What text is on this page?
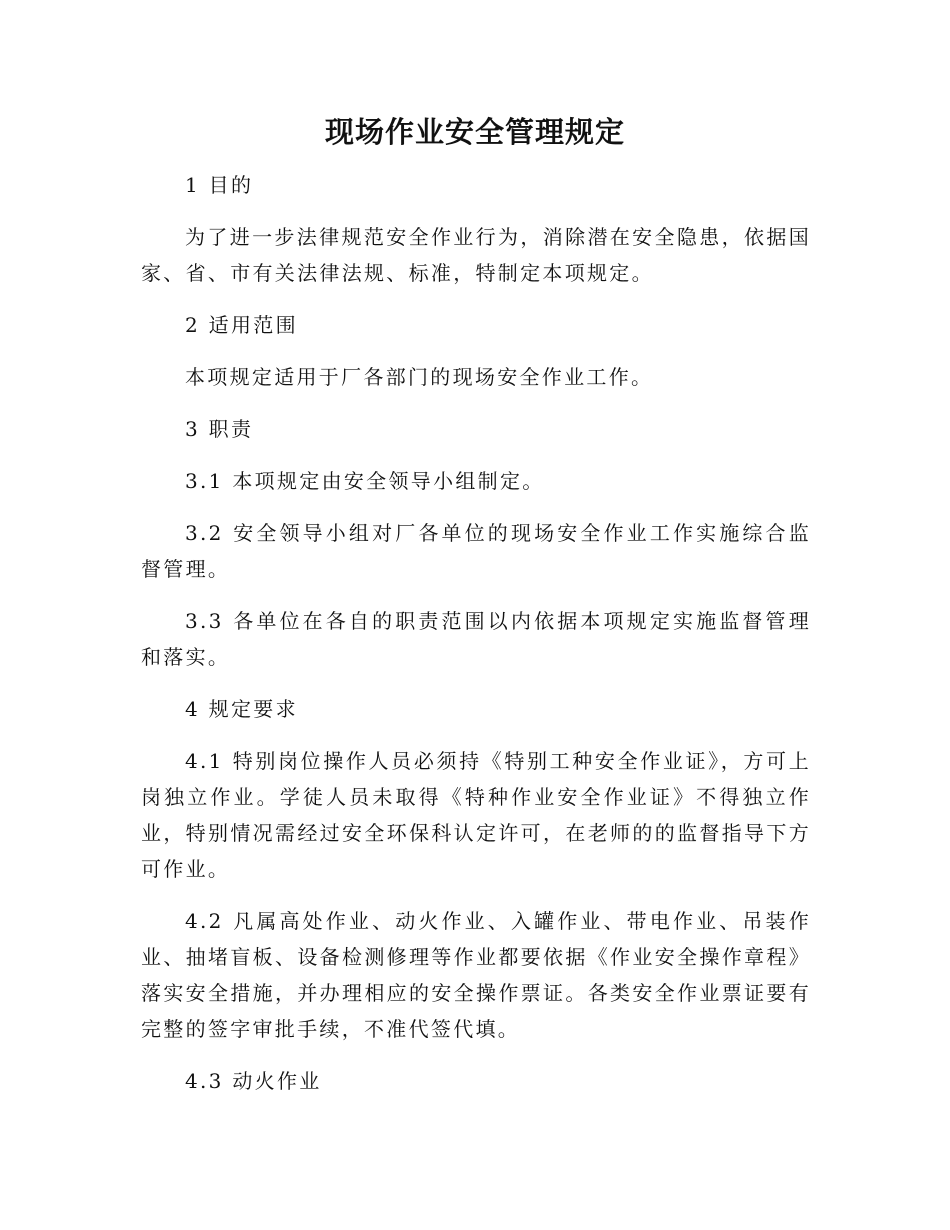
现场作业安全管理规定

1 目的

为了进一步法律规范安全作业行为，消除潜在安全隐患，依据国家、省、市有关法律法规、标准，特制定本项规定。

2 适用范围

本项规定适用于厂各部门的现场安全作业工作。

3 职责

3.1 本项规定由安全领导小组制定。

3.2 安全领导小组对厂各单位的现场安全作业工作实施综合监督管理。

3.3 各单位在各自的职责范围以内依据本项规定实施监督管理和落实。

4 规定要求

4.1 特别岗位操作人员必须持《特别工种安全作业证》，方可上岗独立作业。学徒人员未取得《特种作业安全作业证》不得独立作业，特别情况需经过安全环保科认定许可，在老师的的监督指导下方可作业。

4.2 凡属高处作业、动火作业、入罐作业、带电作业、吊装作业、抽堵盲板、设备检测修理等作业都要依据《作业安全操作章程》落实安全措施，并办理相应的安全操作票证。各类安全作业票证要有完整的签字审批手续，不准代签代填。

4.3 动火作业
